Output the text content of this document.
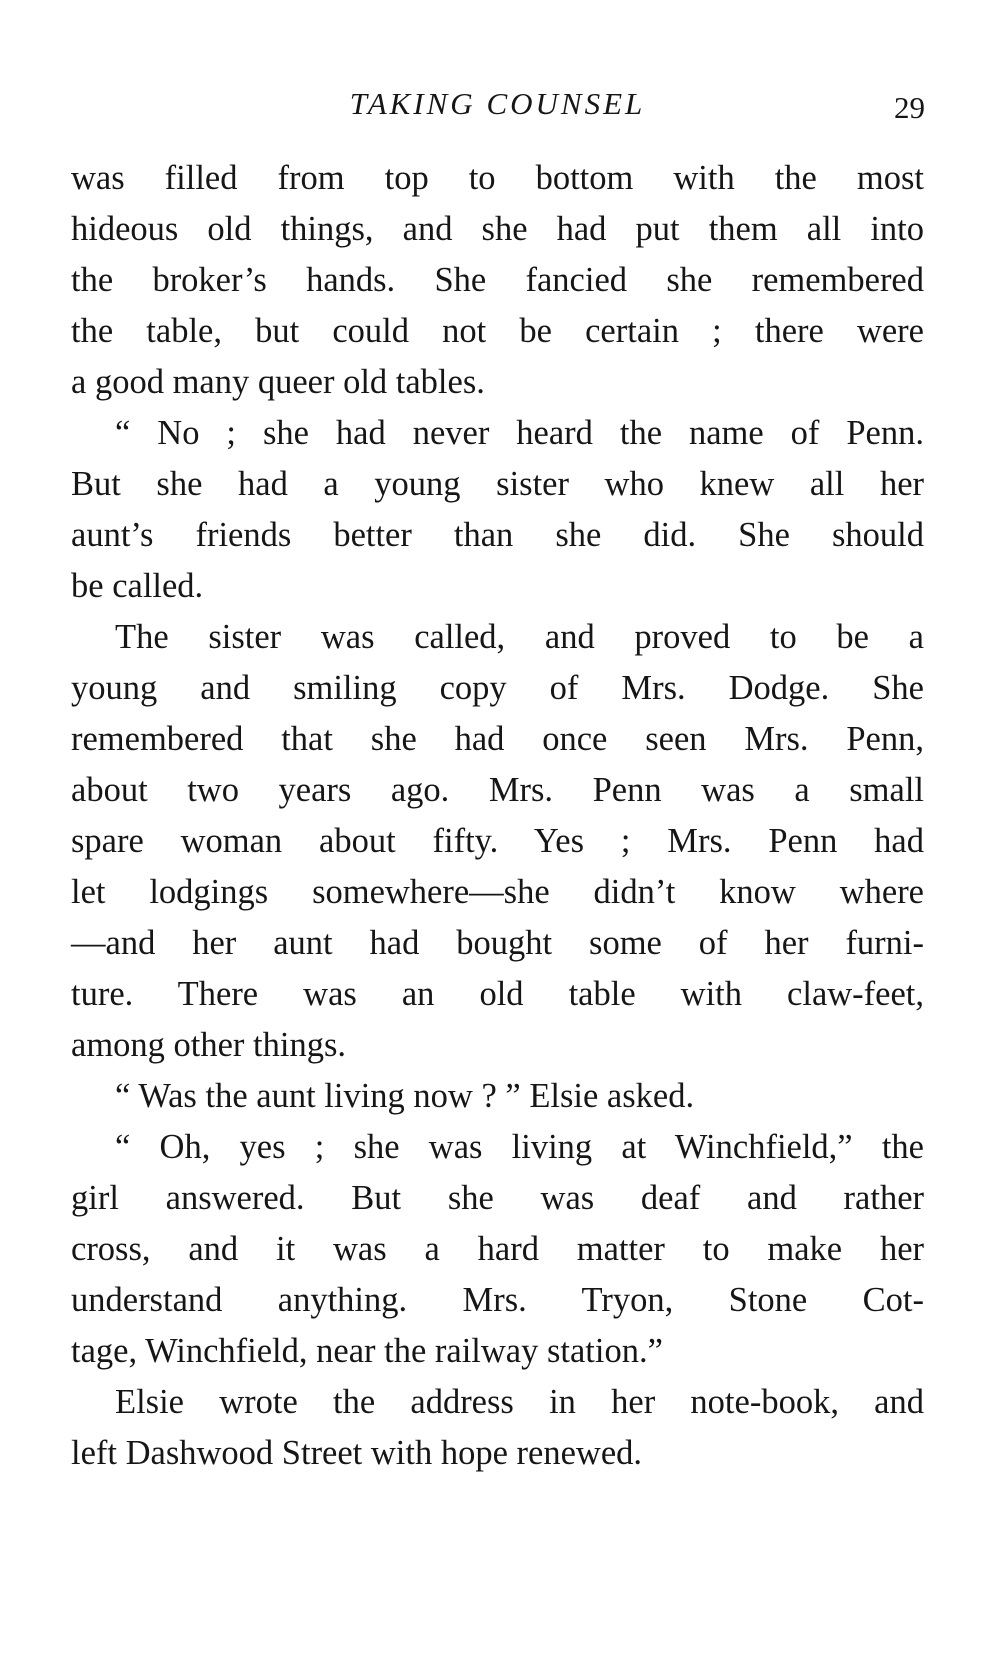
TAKING COUNSEL	29
was filled from top to bottom with the most
hideous old things, and she had put them all into
the broker’s hands. She fancied she remembered
the table, but could not be certain ; there were
a good many queer old tables.
“ No ; she had never heard the name of Penn.
But she had a young sister who knew all her
aunt’s friends better than she did. She should
be called.
The sister was called, and proved to be a
young and smiling copy of Mrs. Dodge. She
remembered that she had once seen Mrs. Penn,
about two years ago. Mrs. Penn was a small
spare woman about fifty. Yes ; Mrs. Penn had
let lodgings somewhere—she didn’t know where
—and her aunt had bought some of her furni-
ture. There was an old table with claw-feet,
among other things.
“ Was the aunt living now ? ” Elsie asked.
“ Oh, yes ; she was living at Winchfield,” the
girl answered. But she was deaf and rather
cross, and it was a hard matter to make her
understand anything. Mrs. Tryon, Stone Cot-
tage, Winchfield, near the railway station.”
Elsie wrote the address in her note-book, and
left Dashwood Street with hope renewed.
